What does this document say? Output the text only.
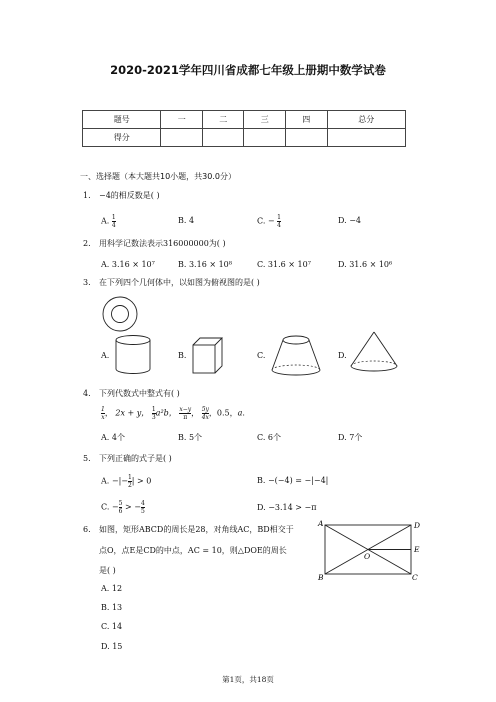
2020-2021学年四川省成都七年级上册期中数学试卷
题号	一	二	三	四	总分
得分					
一、选择题（本大题共10小题，共30.0分）
1. −4的相反数是( )
A. $\frac{1}{4}$	B. 4	C. − $\frac{1}{4}$	D. −4
2. 用科学记数法表示316000000为( )
A. 3.16 × 10⁷	B. 3.16 × 10⁸	C. 31.6 × 10⁷	D. 31.6 × 10⁶
3. 在下列四个几何体中，以如图为俯视图的是( )
A.	B.	C.	D.
4. 下列代数式中整式有( )
$\frac{1}{x}$ ， 2x + y， $\frac{1}{3} a^2b$， $\frac{x-y}{\pi}$ ， $\frac{5y}{4x}$ ，0.5，a.
A. 4个	B. 5个	C. 6个	D. 7个
5. 下列正确的式子是( )
A. −|− $\frac{1}{2}$ | > 0	B. −(−4) = −|−4|
C. − $\frac{5}{6}$ > − $\frac{4}{5}$	D. −3.14 > −π
6. 如图，矩形ABCD的周长是28，对角线AC，BD相交于
点O，点E是CD的中点，AC = 10，则△DOE的周长
是( )
A. 12
B. 13
C. 14
D. 15
A	D
E
O
B	C
第1页，共18页
